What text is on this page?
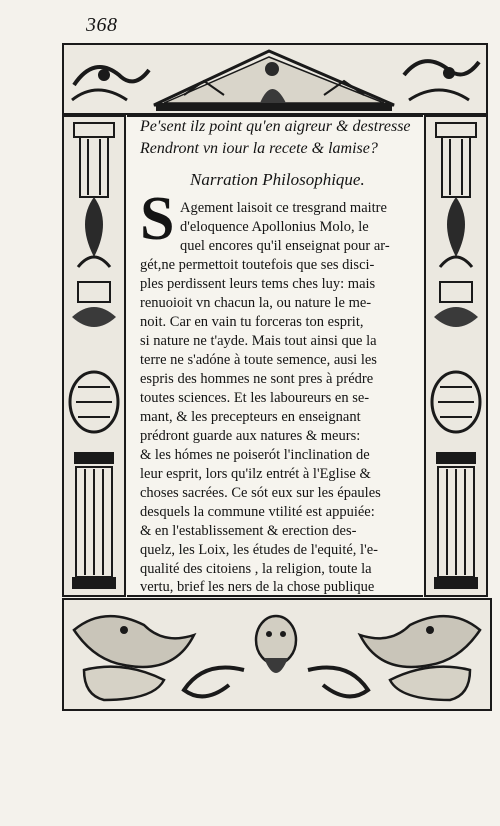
368
Pe'sent ilz point qu'en aigreur & destresse
Rendront vn iour la recete & lamise?
Narration Philosophique.
S Agement laisoit ce tresgrand maitre
d'eloquence Apollonius Molo, le
quel encores qu'il enseignat pour ar-
gét,ne permettoit toutefois que ses disci-
ples perdissent leurs tems ches luy: mais
renuoioit vn chacun la, ou nature le me-
noit. Car en vain tu forceras ton esprit,
si nature ne t'ayde. Mais tout ainsi que la
terre ne s'adóne à toute semence, ausi les
espris des hommes ne sont pres à prédre
toutes sciences. Et les laboureurs en se-
mant, & les precepteurs en enseignant
prédront guarde aux natures & meurs:
& les hómes ne poiserót l'inclination de
leur esprit, lors qu'ilz entrét à l'Eglise &
choses sacrées. Ce sót eux sur les épaules
desquels la commune vtilité est appuiée:
& en l'establissement & erection des-
quelz, les Loix, les études de l'equité, l'e-
qualité des citoiens , la religion, toute la
vertu, brief les ners de la chose publique
